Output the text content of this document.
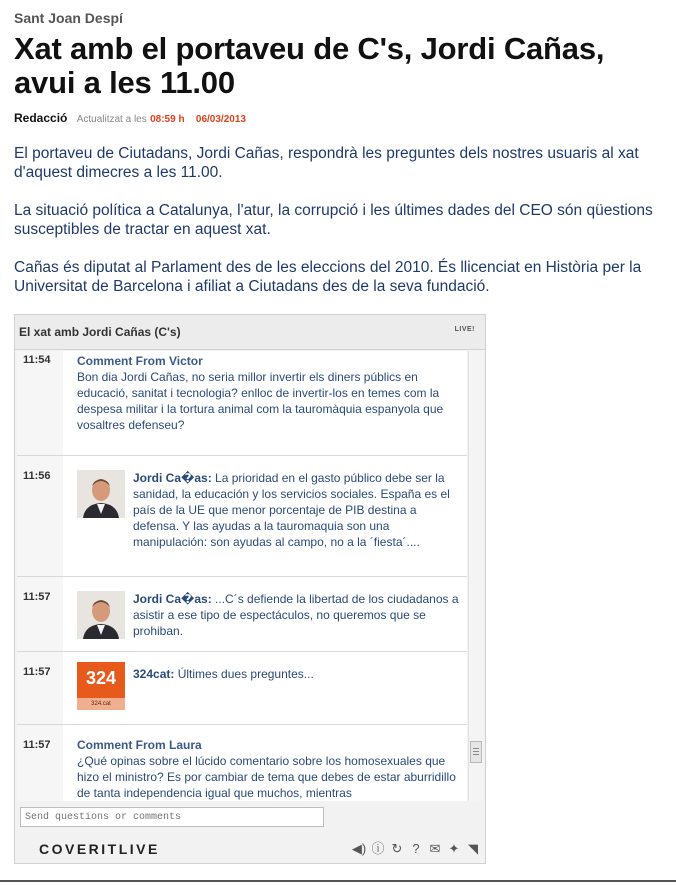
Sant Joan Despí
Xat amb el portaveu de C's, Jordi Cañas, avui a les 11.00
Redacció Actualitzat a les 08:59 h 06/03/2013
El portaveu de Ciutadans, Jordi Cañas, respondrà les preguntes dels nostres usuaris al xat d'aquest dimecres a les 11.00.
La situació política a Catalunya, l'atur, la corrupció i les últimes dades del CEO són qüestions susceptibles de tractar en aquest xat.
Cañas és diputat al Parlament des de les eleccions del 2010. És llicenciat en Història per la Universitat de Barcelona i afiliat a Ciutadans des de la seva fundació.
El xat amb Jordi Cañas (C's)	LIVE!
11:54 Comment From Victor
Bon dia Jordi Cañas, no seria millor invertir els diners públics en educació, sanitat i tecnologia? enlloc de invertir-los en temes com la despesa militar i la tortura animal com la tauromàquia espanyola que vosaltres defenseu?
11:56	Jordi Ca�as: La prioridad en el gasto público debe ser la sanidad, la educación y los servicios sociales. España es el país de la UE que menor porcentaje de PIB destina a defensa. Y las ayudas a la tauromaquia son una manipulación: son ayudas al campo, no a la ´fiesta´....
11:57	Jordi Ca�as: ...C´s defiende la libertad de los ciudadanos a asistir a ese tipo de espectáculos, no queremos que se prohiban.
11:57	324
324.cat
324cat: Últimes dues preguntes...
11:57 Comment From Laura
¿Qué opinas sobre el lúcido comentario sobre los homosexuales que hizo el ministro? Es por cambiar de tema que debes de estar aburridillo de tanta independencia igual que muchos, mientras
Send questions or comments
COVERITLIVE	◀) ⓘ ↻ ? ✉ ✦ ◥
